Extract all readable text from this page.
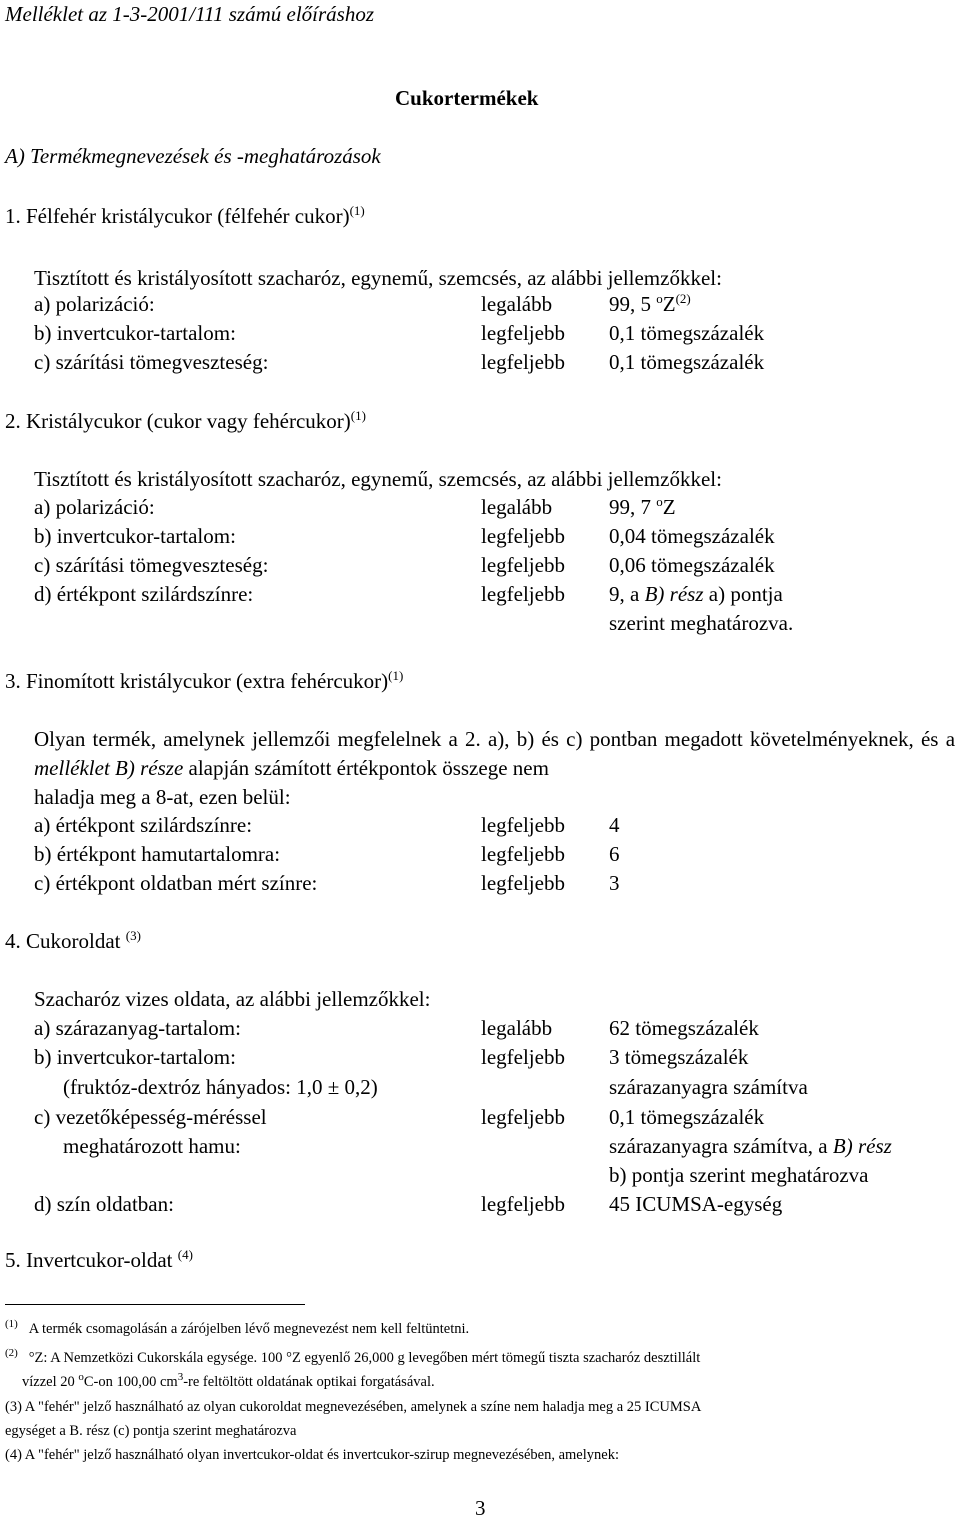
Melléklet az 1-3-2001/111 számú előíráshoz
Cukortermékek
A) Termékmegnevezések és -meghatározások
1. Félfehér kristálycukor (félfehér cukor)$^{(1)}$
Tisztított és kristályosított szacharóz, egynemű, szemcsés, az alábbi jellemzőkkel:
a) polarizáció:	legalább	99, 5 $^oZ^{(2)}$
b) invertcukor-tartalom:	legfeljebb 0,1 tömegszázalék
c) szárítási tömegveszteség:	legfeljebb 0,1 tömegszázalék
2. Kristálycukor (cukor vagy fehércukor)$^{(1)}$
Tisztított és kristályosított szacharóz, egynemű, szemcsés, az alábbi jellemzőkkel:
a) polarizáció:	legalább	99, 7 $^o$Z
b) invertcukor-tartalom:	legfeljebb 0,04 tömegszázalék
c) szárítási tömegveszteség:	legfeljebb 0,06 tömegszázalék
d) értékpont szilárdszínre:	legfeljebb 9, a B) rész a) pontja
szerint meghatározva.
3. Finomított kristálycukor (extra fehércukor)$^{(1)}$
Olyan termék, amelynek jellemzői megfelelnek a 2. a), b) és c) pontban megadott követelményeknek, és a melléklet B) része alapján számított értékpontok összege nem
haladja meg a 8-at, ezen belül:
a) értékpont szilárdszínre:	legfeljebb 4
b) értékpont hamutartalomra:	legfeljebb 6
c) értékpont oldatban mért színre:	legfeljebb 3
4. Cukoroldat $^{(3)}$
Szacharóz vizes oldata, az alábbi jellemzőkkel:
a) szárazanyag-tartalom:	legalább	62 tömegszázalék
b) invertcukor-tartalom:	legfeljebb 3 tömegszázalék
(fruktóz-dextróz hányados: 1,0 ± 0,2)	szárazanyagra számítva
c) vezetőképesség-méréssel	legfeljebb 0,1 tömegszázalék
meghatározott hamu:	szárazanyagra számítva, a B) rész
b) pontja szerint meghatározva
d) szín oldatban:	legfeljebb 45 ICUMSA-egység
5. Invertcukor-oldat $^{(4)}$
$^{(1)}$ A termék csomagolásán a zárójelben lévő megnevezést nem kell feltüntetni.
$^{(2)}$ °Z: A Nemzetközi Cukorskála egysége. 100 °Z egyenlő 26,000 g levegőben mért tömegű tiszta szacharóz desztillált
vízzel 20 $^o$C-on 100,00 cm$^3$-re feltöltött oldatának optikai forgatásával.
(3) A "fehér" jelző használható az olyan cukoroldat megnevezésében, amelynek a színe nem haladja meg a 25 ICUMSA
egységet a B. rész (c) pontja szerint meghatározva
(4) A "fehér" jelző használható olyan invertcukor-oldat és invertcukor-szirup megnevezésében, amelynek:
3
